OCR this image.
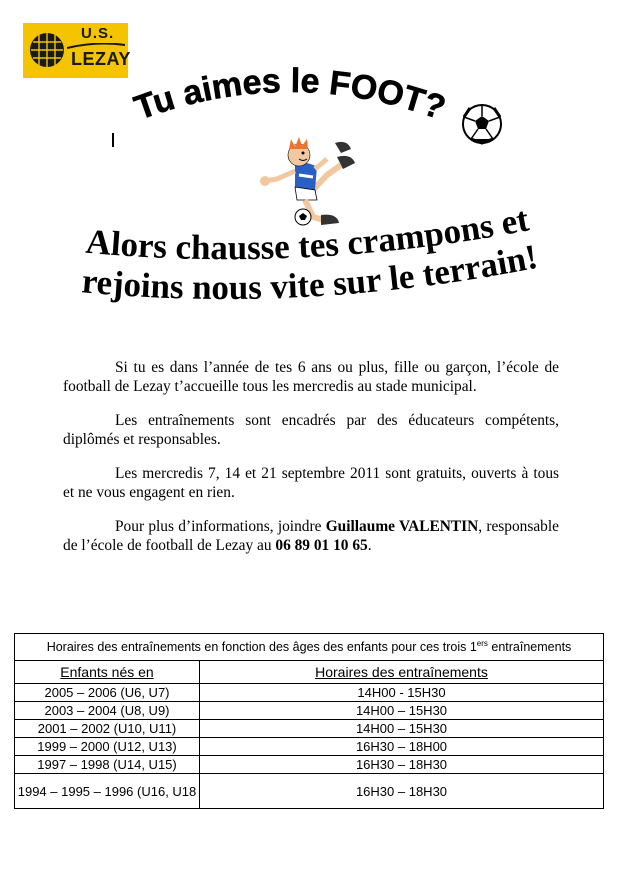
U.S.
LEZAY
Tu aimes le FOOT?
Alors chausse tes crampons et
rejoins nous vite sur le terrain!

Si tu es dans l’année de tes 6 ans ou plus, fille ou garçon, l’école de football de Lezay t’accueille tous les mercredis au stade municipal.

Les entraînements sont encadrés par des éducateurs compétents, diplômés et responsables.

Les mercredis 7, 14 et 21 septembre 2011 sont gratuits, ouverts à tous et ne vous engagent en rien.

Pour plus d’informations, joindre Guillaume VALENTIN, responsable de l’école de football de Lezay au 06 89 01 10 65.

Horaires des entraînements en fonction des âges des enfants pour ces trois 1ers entraînements	
Enfants nés en	Horaires des entraînements
2005 – 2006 (U6, U7)	14H00 - 15H30
2003 – 2004 (U8, U9)	14H00 – 15H30
2001 – 2002 (U10, U11)	14H00 – 15H30
1999 – 2000 (U12, U13)	16H30 – 18H00
1997 – 1998 (U14, U15)	16H30 – 18H30
1994 – 1995 – 1996 (U16, U18	16H30 – 18H30
